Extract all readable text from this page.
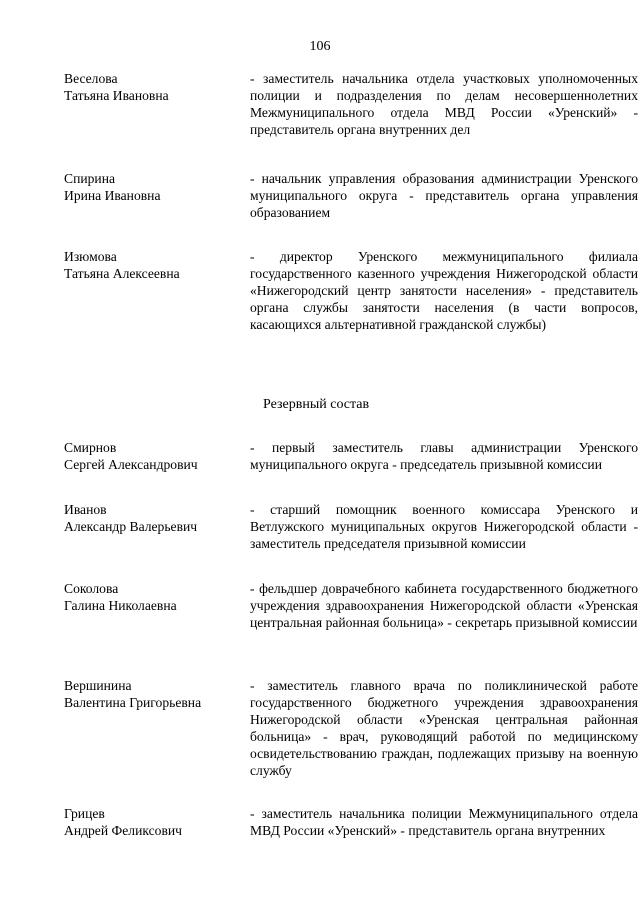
106
Веселова
Татьяна Ивановна
- заместитель начальника отдела участковых уполномоченных полиции и подразделения по делам несовершеннолетних Межмуниципального отдела МВД России «Уренский» - представитель органа внутренних дел
Спирина
Ирина Ивановна
- начальник управления образования администрации Уренского муниципального округа - представитель органа управления образованием
Изюмова
Татьяна Алексеевна
- директор Уренского межмуниципального филиала государственного казенного учреждения Нижегородской области «Нижегородский центр занятости населения» - представитель органа службы занятости населения (в части вопросов, касающихся альтернативной гражданской службы)
Резервный состав
Смирнов
Сергей Александрович
- первый заместитель главы администрации Уренского муниципального округа - председатель призывной комиссии
Иванов
Александр Валерьевич
- старший помощник военного комиссара Уренского и Ветлужского муниципальных округов Нижегородской области - заместитель председателя призывной комиссии
Соколова
Галина Николаевна
- фельдшер доврачебного кабинета государственного бюджетного учреждения здравоохранения Нижегородской области «Уренская центральная районная больница» - секретарь призывной комиссии
Вершинина
Валентина Григорьевна
- заместитель главного врача по поликлинической работе государственного бюджетного учреждения здравоохранения Нижегородской области «Уренская центральная районная больница» - врач, руководящий работой по медицинскому освидетельствованию граждан, подлежащих призыву на военную службу
Грицев
Андрей Феликсович
- заместитель начальника полиции Межмуниципального отдела МВД России «Уренский» - представитель органа внутренних
